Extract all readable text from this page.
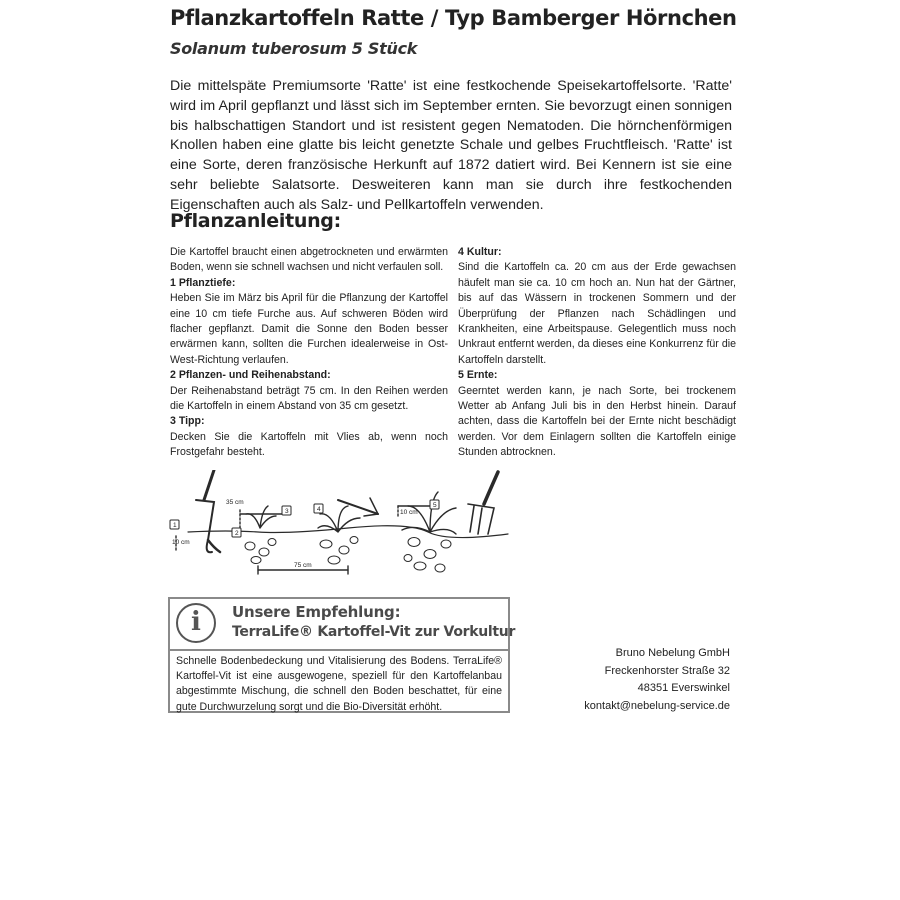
Pflanzkartoffeln Ratte / Typ Bamberger Hörnchen
Solanum tuberosum 5 Stück

Die mittelspäte Premiumsorte 'Ratte' ist eine festkochende Speisekartoffelsorte. 'Ratte' wird im April gepflanzt und lässt sich im September ernten. Sie bevorzugt einen sonnigen bis halbschattigen Standort und ist resistent gegen Nematoden. Die hörnchenförmigen Knollen haben eine glatte bis leicht genetzte Schale und gelbes Fruchtfleisch. 'Ratte' ist eine Sorte, deren französische Herkunft auf 1872 datiert wird. Bei Kennern ist sie eine sehr beliebte Salatsorte. Desweiteren kann man sie durch ihre festkochenden Eigenschaften auch als Salz- und Pellkartoffeln verwenden.

Pflanzanleitung:

Die Kartoffel braucht einen abgetrockneten und erwärmten Boden, wenn sie schnell wachsen und nicht verfaulen soll.

1 Pflanztiefe:

Heben Sie im März bis April für die Pflanzung der Kartoffel eine 10 cm tiefe Furche aus. Auf schweren Böden wird flacher gepflanzt. Damit die Sonne den Boden besser erwärmen kann, sollten die Furchen idealerweise in Ost-West-Richtung verlaufen.

2 Pflanzen- und Reihenabstand:

Der Reihenabstand beträgt 75 cm. In den Reihen werden die Kartoffeln in einem Abstand von 35 cm gesetzt.

3 Tipp:

Decken Sie die Kartoffeln mit Vlies ab, wenn noch Frostgefahr besteht.

4 Kultur:

Sind die Kartoffeln ca. 20 cm aus der Erde gewachsen häufelt man sie ca. 10 cm hoch an. Nun hat der Gärtner, bis auf das Wässern in trockenen Sommern und der Überprüfung der Pflanzen nach Schädlingen und Krankheiten, eine Arbeitspause. Gelegentlich muss noch Unkraut entfernt werden, da dieses eine Konkurrenz für die Kartoffeln darstellt.

5 Ernte:

Geerntet werden kann, je nach Sorte, bei trockenem Wetter ab Anfang Juli bis in den Herbst hinein. Darauf achten, dass die Kartoffeln bei der Ernte nicht beschädigt werden. Vor dem Einlagern sollten die Kartoffeln einige Stunden abtrocknen.

35 cm
10 cm
10 cm
75 cm
1
2
3	4
5
i	Unsere Empfehlung:
TerraLife® Kartoffel-Vit zur Vorkultur

Schnelle Bodenbedeckung und Vitalisierung des Bodens. TerraLife® Kartoffel-Vit ist eine ausgewogene, speziell für den Kartoffelanbau abgestimmte Mischung, die schnell den Boden beschattet, für eine gute Durchwurzelung sorgt und die Bio-Diversität erhöht.

Bruno Nebelung GmbH
Freckenhorster Straße 32
48351 Everswinkel
kontakt@nebelung-service.de
